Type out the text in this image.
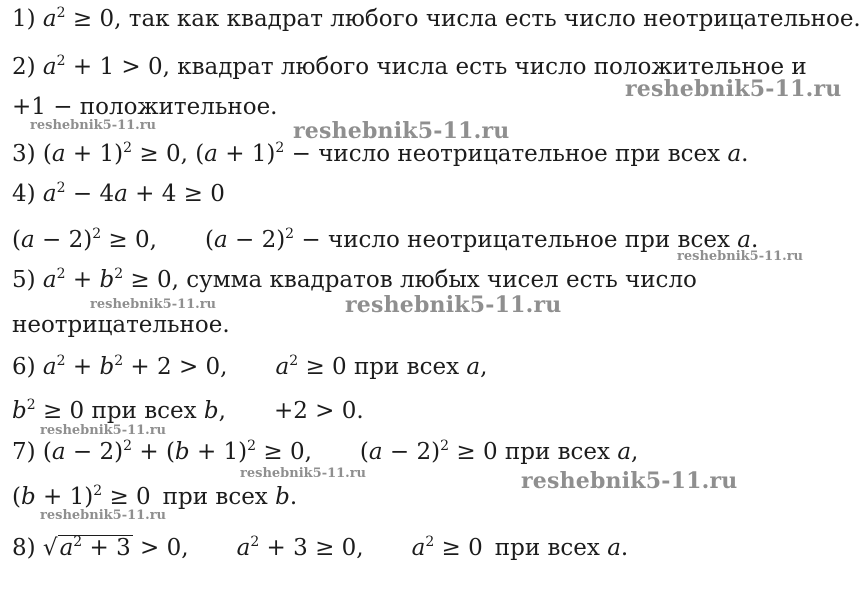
1) $a^2 \ge 0$, так как квадрат любого числа есть число неотрицательное.
2) $a^2 + 1 > 0$, квадрат любого числа есть число положительное и
+1 − положительное.
3) $(a + 1)^2 \ge 0$, $(a + 1)^2$ − число неотрицательное при всех a.
4) $a^2 - 4a + 4 \ge 0$
$(a - 2)^2 \ge 0$, $(a - 2)^2$ − число неотрицательное при всех a.
5) $a^2 + b^2 \ge 0$, сумма квадратов любых чисел есть число
неотрицательное.
6) $a^2 + b^2 + 2 > 0$, $a^2 \ge 0$ при всех a,
$b^2 \ge 0$ при всех b, +2 > 0.
7) $(a - 2)^2 + (b + 1)^2 \ge 0$, $(a - 2)^2 \ge 0$ при всех a,
$(b + 1)^2 \ge 0$ при всех b.
8) $√a^2 + 3 > 0$, $a^2 + 3 \ge 0$, $a^2 \ge 0$ при всех a.
reshebnik5-11.ru
reshebnik5-11.ru	reshebnik5-11.ru
reshebnik5-11.ru
reshebnik5-11.ru	reshebnik5-11.ru
reshebnik5-11.ru
reshebnik5-11.ru	reshebnik5-11.ru
reshebnik5-11.ru
